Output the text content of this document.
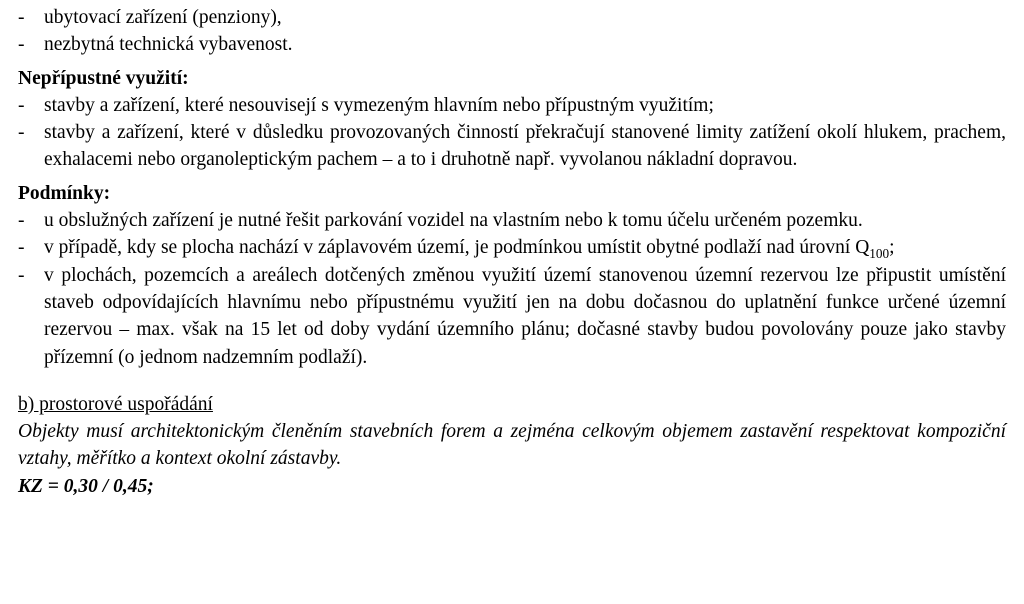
-	ubytovací zařízení (penziony),
-	nezbytná technická vybavenost.
Nepřípustné využití:
-	stavby a zařízení, které nesouvisejí s vymezeným hlavním nebo přípustným využitím;
-	stavby a zařízení, které v důsledku provozovaných činností překračují stanovené limity zatížení okolí hlukem, prachem, exhalacemi nebo organoleptickým pachem – a to i druhotně např. vyvolanou nákladní dopravou.
Podmínky:
-	u obslužných zařízení je nutné řešit parkování vozidel na vlastním nebo k tomu účelu určeném pozemku.
-	v případě, kdy se plocha nachází v záplavovém území, je podmínkou umístit obytné podlaží nad úrovní $Q_{100}$;
-	v plochách, pozemcích a areálech dotčených změnou využití území stanovenou územní rezervou lze připustit umístění staveb odpovídajících hlavnímu nebo přípustnému využití jen na dobu dočasnou do uplatnění funkce určené územní rezervou – max. však na 15 let od doby vydání územního plánu; dočasné stavby budou povolovány pouze jako stavby přízemní (o jednom nadzemním podlaží).
b) prostorové uspořádání
Objekty musí architektonickým členěním stavebních forem a zejména celkovým objemem zastavění respektovat kompoziční vztahy, měřítko a kontext okolní zástavby.
KZ = 0,30 / 0,45;
